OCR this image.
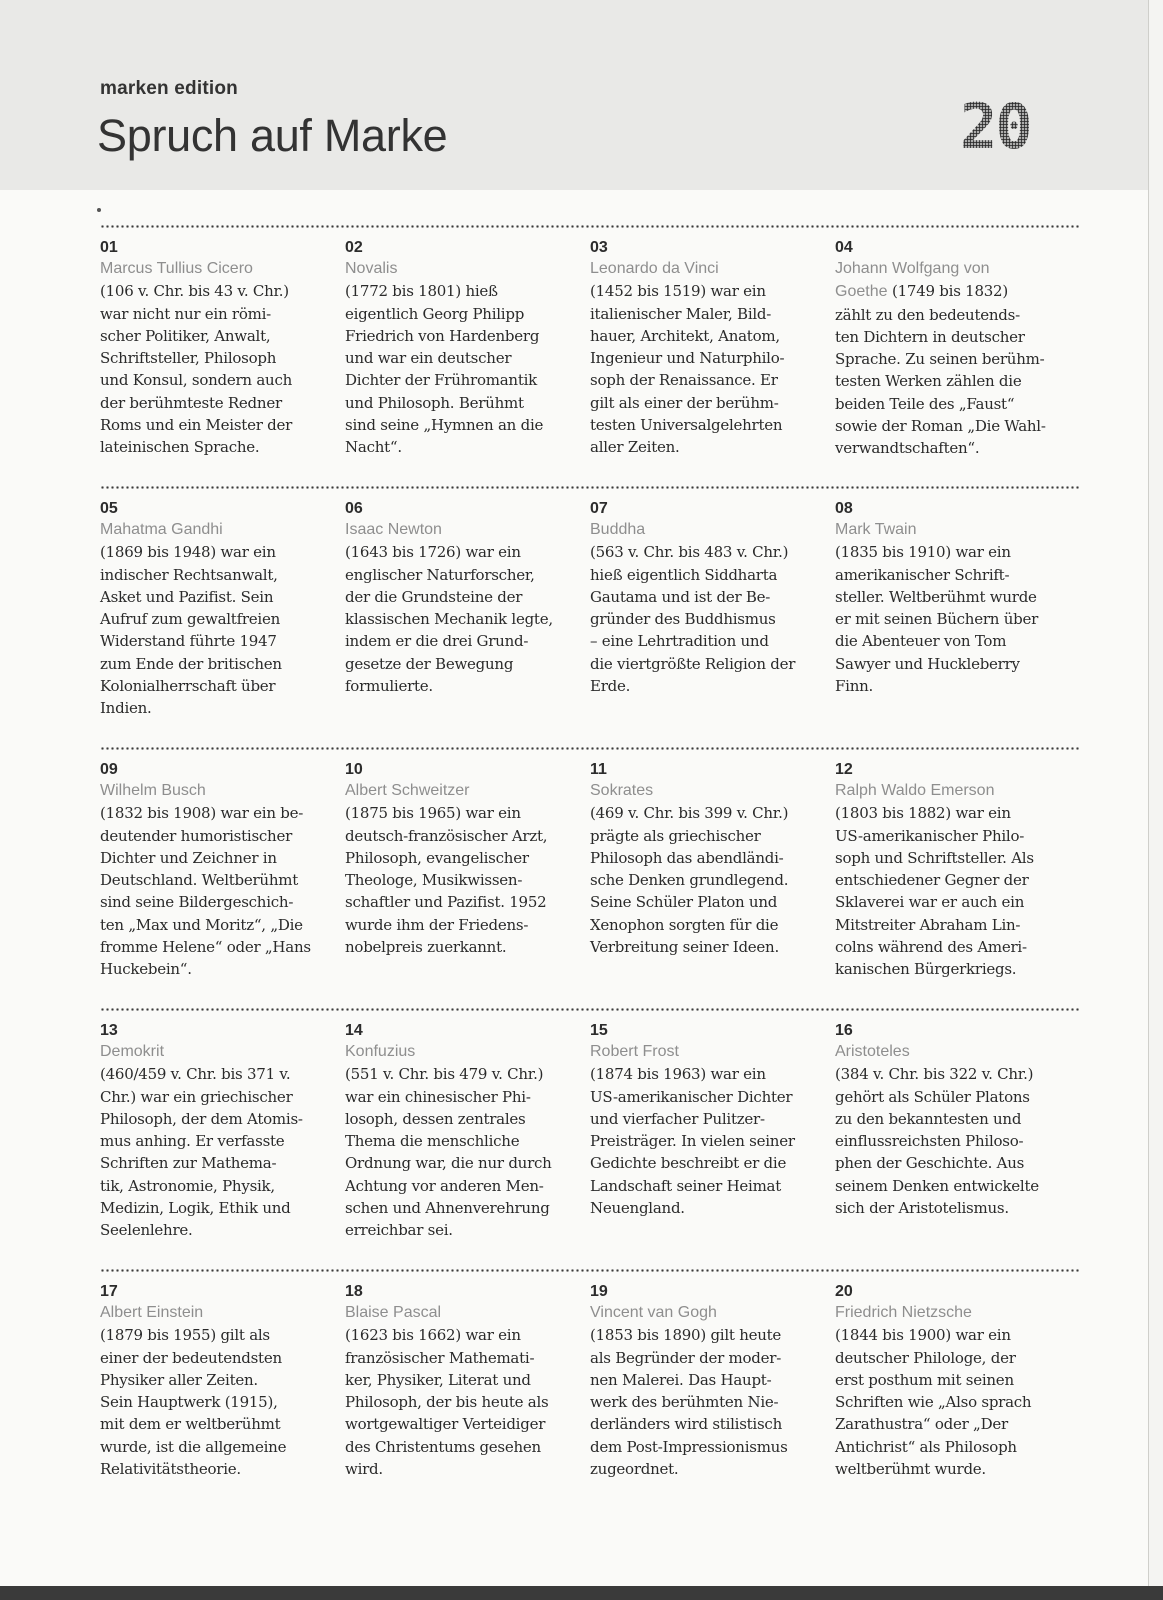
marken edition
Spruch auf Marke	20
01
Marcus Tullius Cicero
(106 v. Chr. bis 43 v. Chr.)
war nicht nur ein römi-
scher Politiker, Anwalt,
Schriftsteller, Philosoph
und Konsul, sondern auch
der berühmteste Redner
Roms und ein Meister der
lateinischen Sprache.
02
Novalis
(1772 bis 1801) hieß
eigentlich Georg Philipp
Friedrich von Hardenberg
und war ein deutscher
Dichter der Frühromantik
und Philosoph. Berühmt
sind seine „Hymnen an die
Nacht“.
03
Leonardo da Vinci
(1452 bis 1519) war ein
italienischer Maler, Bild-
hauer, Architekt, Anatom,
Ingenieur und Naturphilo-
soph der Renaissance. Er
gilt als einer der berühm-
testen Universalgelehrten
aller Zeiten.
04
Johann Wolfgang von
Goethe (1749 bis 1832)
zählt zu den bedeutends-
ten Dichtern in deutscher
Sprache. Zu seinen berühm-
testen Werken zählen die
beiden Teile des „Faust“
sowie der Roman „Die Wahl-
verwandtschaften“.
05
Mahatma Gandhi
(1869 bis 1948) war ein
indischer Rechtsanwalt,
Asket und Pazifist. Sein
Aufruf zum gewaltfreien
Widerstand führte 1947
zum Ende der britischen
Kolonialherrschaft über
Indien.
06
Isaac Newton
(1643 bis 1726) war ein
englischer Naturforscher,
der die Grundsteine der
klassischen Mechanik legte,
indem er die drei Grund-
gesetze der Bewegung
formulierte.
07
Buddha
(563 v. Chr. bis 483 v. Chr.)
hieß eigentlich Siddharta
Gautama und ist der Be-
gründer des Buddhismus
– eine Lehrtradition und
die viertgrößte Religion der
Erde.
08
Mark Twain
(1835 bis 1910) war ein
amerikanischer Schrift-
steller. Weltberühmt wurde
er mit seinen Büchern über
die Abenteuer von Tom
Sawyer und Huckleberry
Finn.
09
Wilhelm Busch
(1832 bis 1908) war ein be-
deutender humoristischer
Dichter und Zeichner in
Deutschland. Weltberühmt
sind seine Bildergeschich-
ten „Max und Moritz“, „Die
fromme Helene“ oder „Hans
Huckebein“.
10
Albert Schweitzer
(1875 bis 1965) war ein
deutsch-französischer Arzt,
Philosoph, evangelischer
Theologe, Musikwissen-
schaftler und Pazifist. 1952
wurde ihm der Friedens-
nobelpreis zuerkannt.
11
Sokrates
(469 v. Chr. bis 399 v. Chr.)
prägte als griechischer
Philosoph das abendländi-
sche Denken grundlegend.
Seine Schüler Platon und
Xenophon sorgten für die
Verbreitung seiner Ideen.
12
Ralph Waldo Emerson
(1803 bis 1882) war ein
US-amerikanischer Philo-
soph und Schriftsteller. Als
entschiedener Gegner der
Sklaverei war er auch ein
Mitstreiter Abraham Lin-
colns während des Ameri-
kanischen Bürgerkriegs.
13
Demokrit
(460/459 v. Chr. bis 371 v.
Chr.) war ein griechischer
Philosoph, der dem Atomis-
mus anhing. Er verfasste
Schriften zur Mathema-
tik, Astronomie, Physik,
Medizin, Logik, Ethik und
Seelenlehre.
14
Konfuzius
(551 v. Chr. bis 479 v. Chr.)
war ein chinesischer Phi-
losoph, dessen zentrales
Thema die menschliche
Ordnung war, die nur durch
Achtung vor anderen Men-
schen und Ahnenverehrung
erreichbar sei.
15
Robert Frost
(1874 bis 1963) war ein
US-amerikanischer Dichter
und vierfacher Pulitzer-
Preisträger. In vielen seiner
Gedichte beschreibt er die
Landschaft seiner Heimat
Neuengland.
16
Aristoteles
(384 v. Chr. bis 322 v. Chr.)
gehört als Schüler Platons
zu den bekanntesten und
einflussreichsten Philoso-
phen der Geschichte. Aus
seinem Denken entwickelte
sich der Aristotelismus.
17
Albert Einstein
(1879 bis 1955) gilt als
einer der bedeutendsten
Physiker aller Zeiten.
Sein Hauptwerk (1915),
mit dem er weltberühmt
wurde, ist die allgemeine
Relativitätstheorie.
18
Blaise Pascal
(1623 bis 1662) war ein
französischer Mathemati-
ker, Physiker, Literat und
Philosoph, der bis heute als
wortgewaltiger Verteidiger
des Christentums gesehen
wird.
19
Vincent van Gogh
(1853 bis 1890) gilt heute
als Begründer der moder-
nen Malerei. Das Haupt-
werk des berühmten Nie-
derländers wird stilistisch
dem Post-Impressionismus
zugeordnet.
20
Friedrich Nietzsche
(1844 bis 1900) war ein
deutscher Philologe, der
erst posthum mit seinen
Schriften wie „Also sprach
Zarathustra“ oder „Der
Antichrist“ als Philosoph
weltberühmt wurde.
